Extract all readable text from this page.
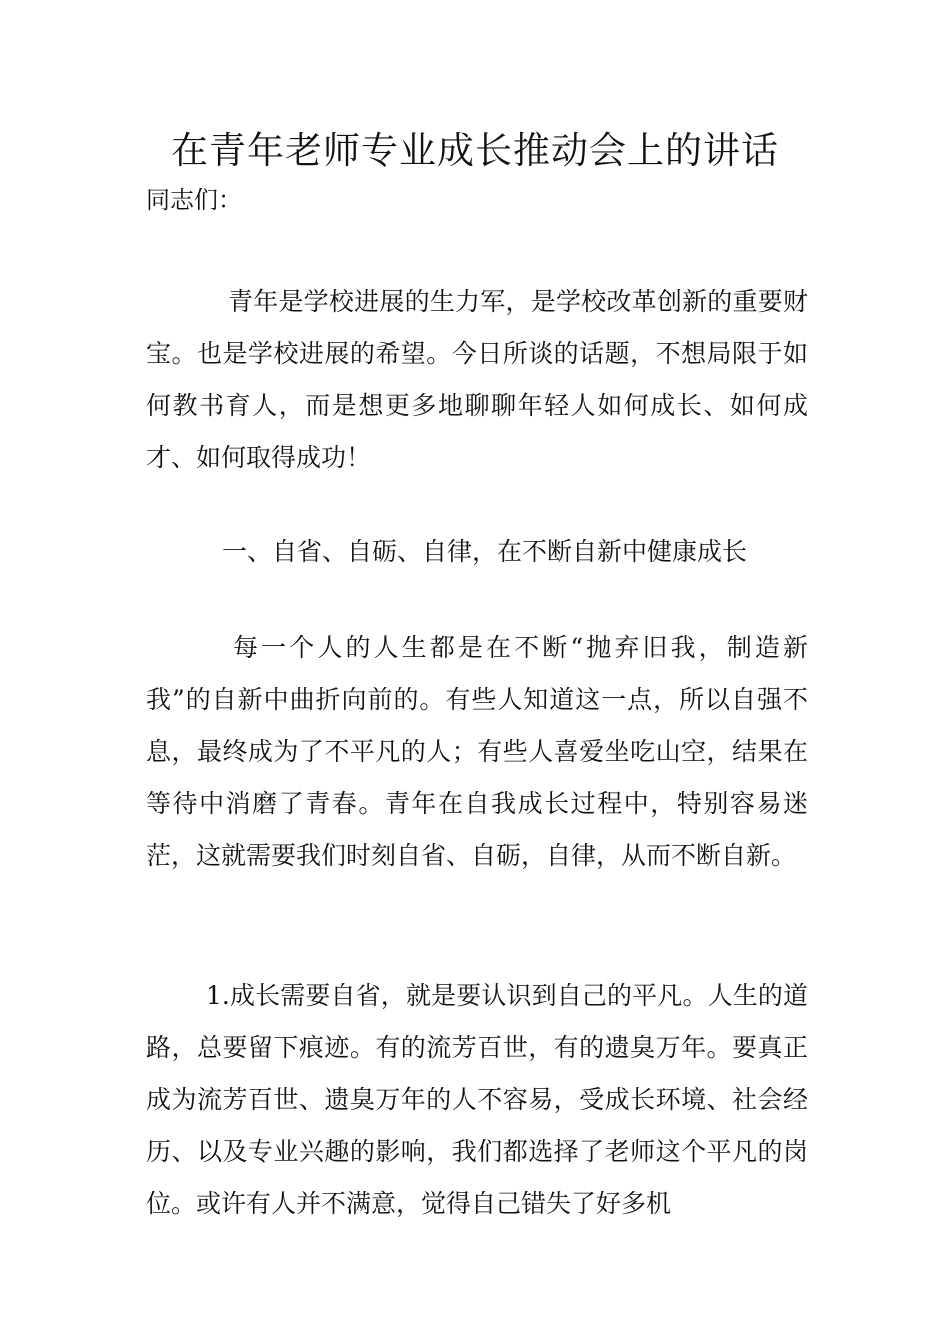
在青年老师专业成长推动会上的讲话

同志们：

青年是学校进展的生力军，是学校改革创新的重要财宝。也是学校进展的希望。今日所谈的话题，不想局限于如何教书育人，而是想更多地聊聊年轻人如何成长、如何成才、如何取得成功！

一、自省、自砺、自律，在不断自新中健康成长

每一个人的人生都是在不断“抛弃旧我，制造新我”的自新中曲折向前的。有些人知道这一点，所以自强不息，最终成为了不平凡的人；有些人喜爱坐吃山空，结果在等待中消磨了青春。青年在自我成长过程中，特别容易迷茫，这就需要我们时刻自省、自砺，自律，从而不断自新。

1.成长需要自省，就是要认识到自己的平凡。人生的道路，总要留下痕迹。有的流芳百世，有的遗臭万年。要真正成为流芳百世、遗臭万年的人不容易，受成长环境、社会经历、以及专业兴趣的影响，我们都选择了老师这个平凡的岗位。或许有人并不满意，觉得自己错失了好多机
